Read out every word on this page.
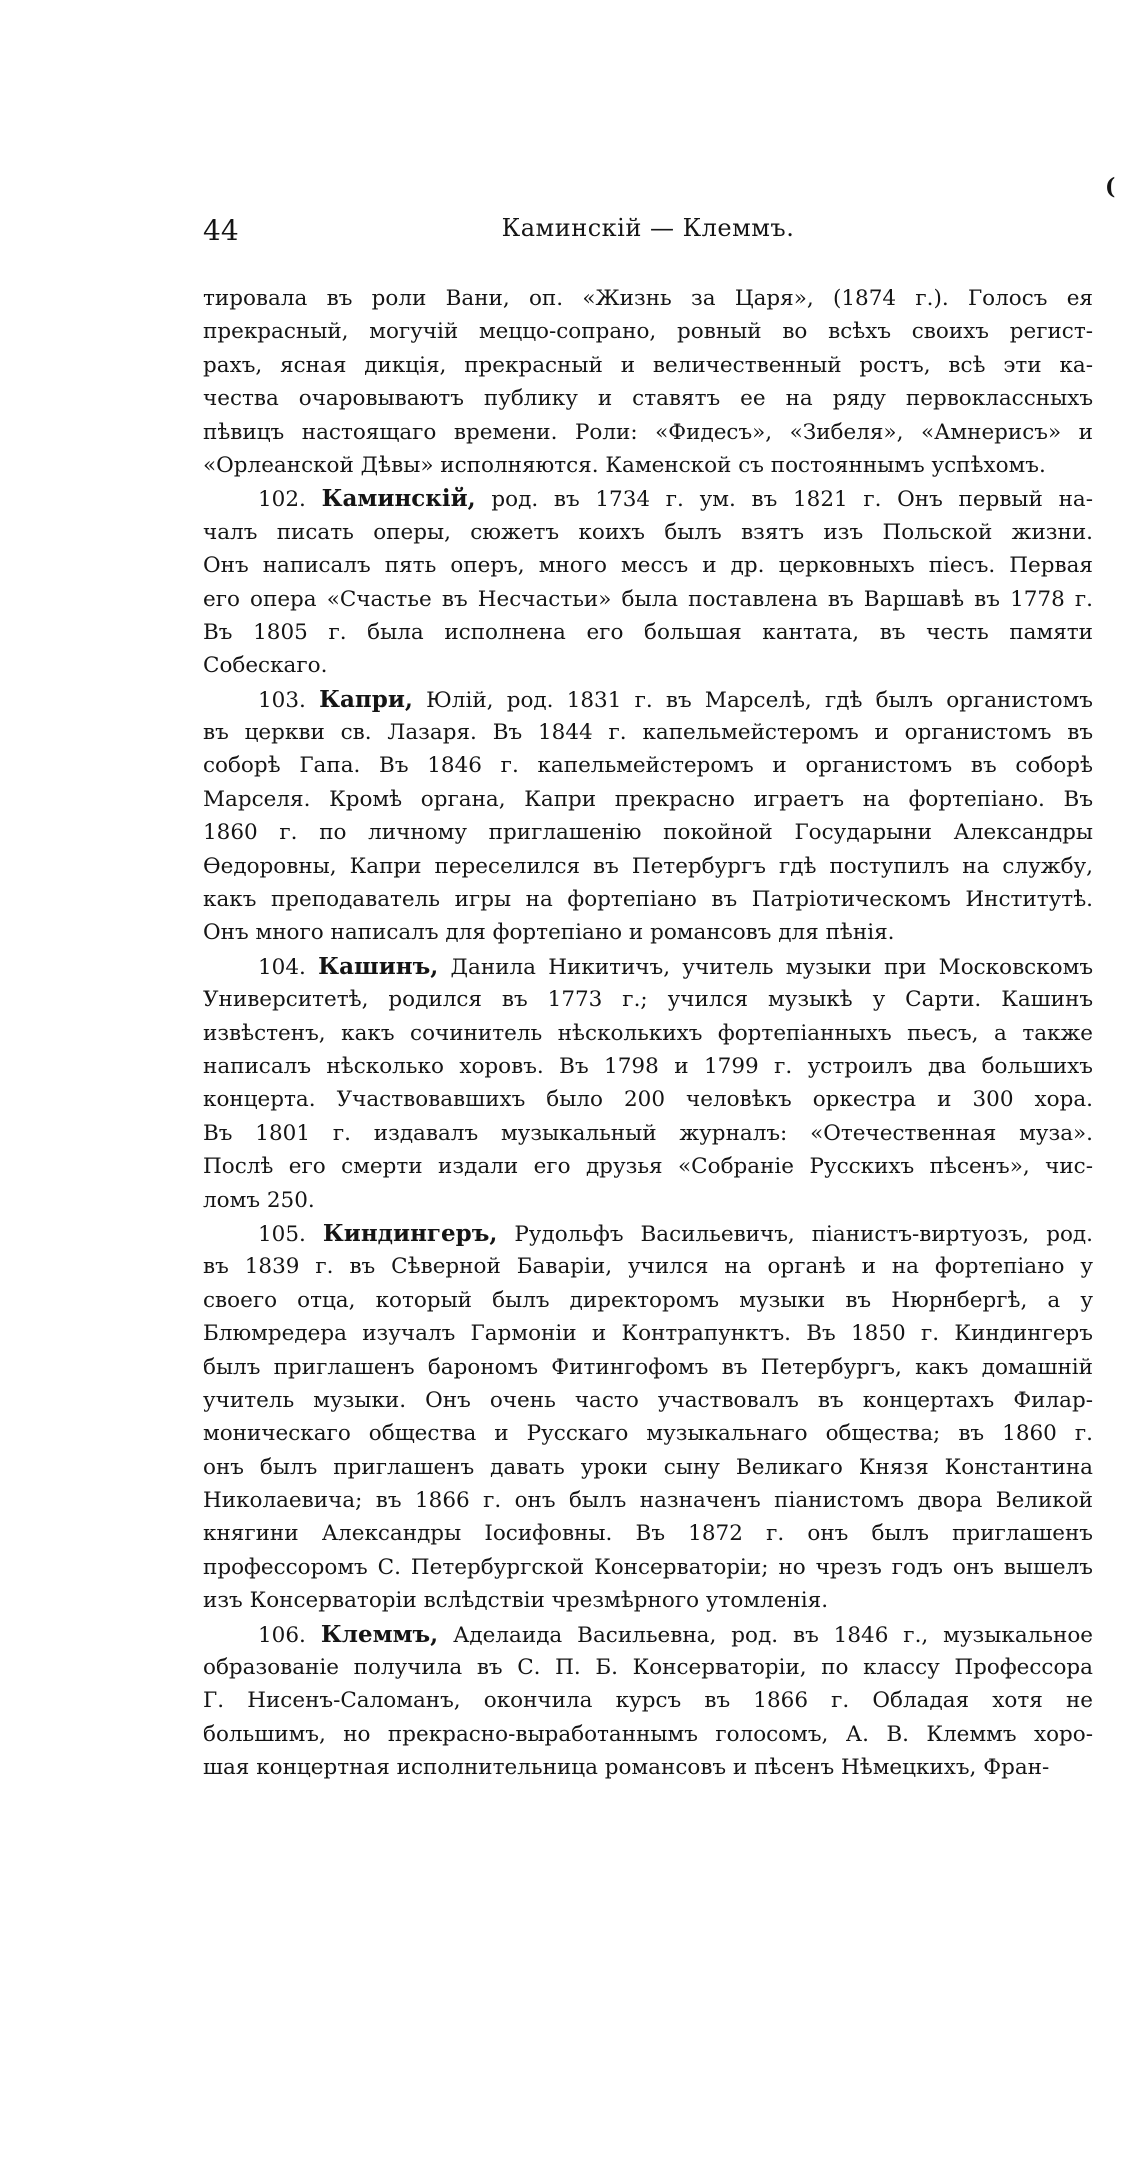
(
44	Каминскій — Клеммъ.
тировала въ роли Вани, оп. «Жизнь за Царя», (1874 г.). Голосъ ея
прекрасный, могучій меццо-сопрано, ровный во всѣхъ своихъ регист-
рахъ, ясная дикція, прекрасный и величественный ростъ, всѣ эти ка-
чества очаровываютъ публику и ставятъ ее на ряду первоклассныхъ
пѣвицъ настоящаго времени. Роли: «Фидесъ», «Зибеля», «Амнерисъ» и
«Орлеанской Дѣвы» исполняются. Каменской съ постояннымъ успѣхомъ.
102. Каминскій, род. въ 1734 г. ум. въ 1821 г. Онъ первый на-
чалъ писать оперы, сюжетъ коихъ былъ взятъ изъ Польской жизни.
Онъ написалъ пять оперъ, много мессъ и др. церковныхъ піесъ. Первая
его опера «Счастье въ Несчастьи» была поставлена въ Варшавѣ въ 1778 г.
Въ 1805 г. была исполнена его большая кантата, въ честь памяти
Собескаго.
103. Капри, Юлій, род. 1831 г. въ Марселѣ, гдѣ былъ органистомъ
въ церкви св. Лазаря. Въ 1844 г. капельмейстеромъ и органистомъ въ
соборѣ Гапа. Въ 1846 г. капельмейстеромъ и органистомъ въ соборѣ
Марселя. Кромѣ органа, Капри прекрасно играетъ на фортепіано. Въ
1860 г. по личному приглашенію покойной Государыни Александры
Өедоровны, Капри переселился въ Петербургъ гдѣ поступилъ на службу,
какъ преподаватель игры на фортепіано въ Патріотическомъ Институтѣ.
Онъ много написалъ для фортепіано и романсовъ для пѣнія.
104. Кашинъ, Данила Никитичъ, учитель музыки при Московскомъ
Университетѣ, родился въ 1773 г.; учился музыкѣ у Сарти. Кашинъ
извѣстенъ, какъ сочинитель нѣсколькихъ фортепіанныхъ пьесъ, а также
написалъ нѣсколько хоровъ. Въ 1798 и 1799 г. устроилъ два большихъ
концерта. Участвовавшихъ было 200 человѣкъ оркестра и 300 хора.
Въ 1801 г. издавалъ музыкальный журналъ: «Отечественная муза».
Послѣ его смерти издали его друзья «Собраніе Русскихъ пѣсенъ», чис-
ломъ 250.
105. Киндингеръ, Рудольфъ Васильевичъ, піанистъ-виртуозъ, род.
въ 1839 г. въ Сѣверной Баваріи, учился на органѣ и на фортепіано у
своего отца, который былъ директоромъ музыки въ Нюрнбергѣ, а у
Блюмредера изучалъ Гармоніи и Контрапунктъ. Въ 1850 г. Киндингеръ
былъ приглашенъ барономъ Фитингофомъ въ Петербургъ, какъ домашній
учитель музыки. Онъ очень часто участвовалъ въ концертахъ Филар-
моническаго общества и Русскаго музыкальнаго общества; въ 1860 г.
онъ былъ приглашенъ давать уроки сыну Великаго Князя Константина
Николаевича; въ 1866 г. онъ былъ назначенъ піанистомъ двора Великой
княгини Александры Іосифовны. Въ 1872 г. онъ былъ приглашенъ
профессоромъ С. Петербургской Консерваторіи; но чрезъ годъ онъ вышелъ
изъ Консерваторіи вслѣдствіи чрезмѣрного утомленія.
106. Клеммъ, Аделаида Васильевна, род. въ 1846 г., музыкальное
образованіе получила въ С. П. Б. Консерваторіи, по классу Профессора
Г. Нисенъ-Саломанъ, окончила курсъ въ 1866 г. Обладая хотя не
большимъ, но прекрасно-выработаннымъ голосомъ, А. В. Клеммъ хоро-
шая концертная исполнительница романсовъ и пѣсенъ Нѣмецкихъ, Фран-
